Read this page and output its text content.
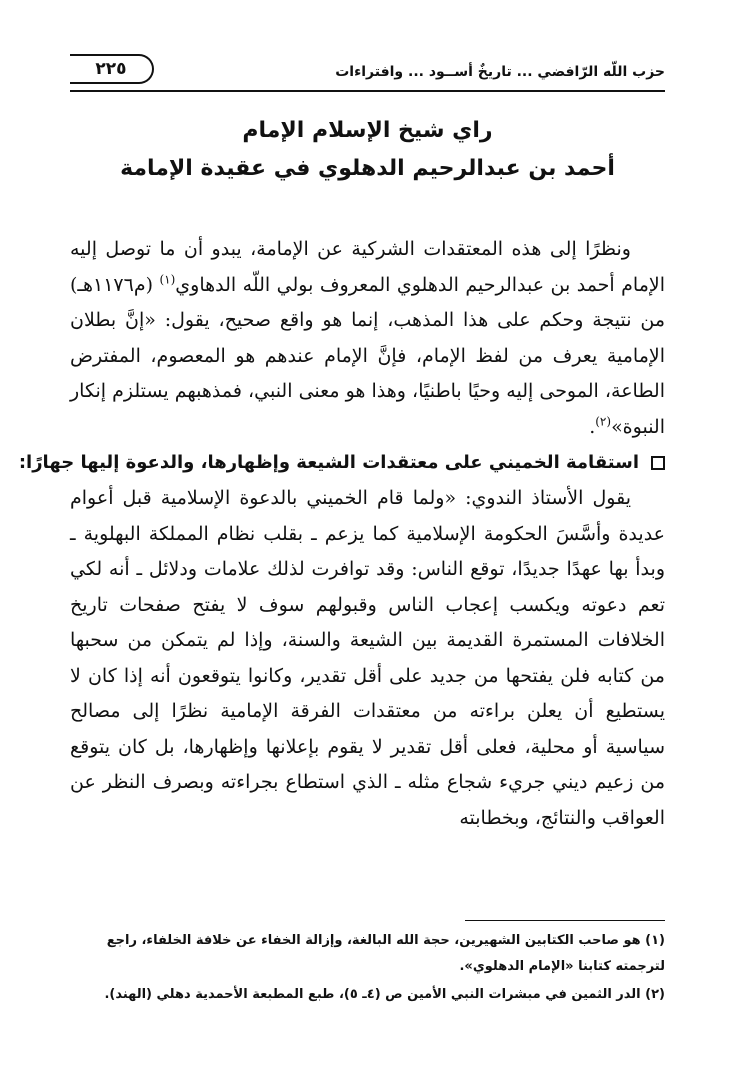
حزب اللّه الرّافضي ... تاريخٌ أســود ... وافتراءات
٢٢٥
راي شيخ الإسلام الإمام
أحمد بن عبدالرحيم الدهلوي في عقيدة الإمامة

ونظرًا إلى هذه المعتقدات الشركية عن الإمامة، يبدو أن ما توصل إليه الإمام أحمد بن عبدالرحيم الدهلوي المعروف بولي اللّه الدهاوي$^{(١)}$ (م١١٧٦هـ) من نتيجة وحكم على هذا المذهب، إنما هو واقع صحيح، يقول: «إنَّ بطلان الإمامية يعرف من لفظ الإمام، فإنَّ الإمام عندهم هو المعصوم، المفترض الطاعة، الموحى إليه وحيًا باطنيًا، وهذا هو معنى النبي، فمذهبهم يستلزم إنكار النبوة»$^{(٢)}$.

استقامة الخميني على معتقدات الشيعة وإظهارها، والدعوة إليها جهارًا:

يقول الأستاذ الندوي: «ولما قام الخميني بالدعوة الإسلامية قبل أعوام عديدة وأسَّسَ الحكومة الإسلامية كما يزعم ـ بقلب نظام المملكة البهلوية ـ وبدأ بها عهدًا جديدًا، توقع الناس: وقد توافرت لذلك علامات ودلائل ـ أنه لكي تعم دعوته ويكسب إعجاب الناس وقبولهم سوف لا يفتح صفحات تاريخ الخلافات المستمرة القديمة بين الشيعة والسنة، وإذا لم يتمكن من سحبها من كتابه فلن يفتحها من جديد على أقل تقدير، وكانوا يتوقعون أنه إذا كان لا يستطيع أن يعلن براءته من معتقدات الفرقة الإمامية نظرًا إلى مصالح سياسية أو محلية، فعلى أقل تقدير لا يقوم بإعلانها وإظهارها، بل كان يتوقع من زعيم ديني جريء شجاع مثله ـ الذي استطاع بجراءته وبصرف النظر عن العواقب والنتائج، وبخطابته

(١) هو صاحب الكتابين الشهيرين، حجة الله البالغة، وإزالة الخفاء عن خلافة الخلفاء، راجع لترجمته كتابنا «الإمام الدهلوي».

(٢) الدر الثمين في مبشرات النبي الأمين ص (٤ـ ٥)، طبع المطبعة الأحمدية دهلي (الهند).
